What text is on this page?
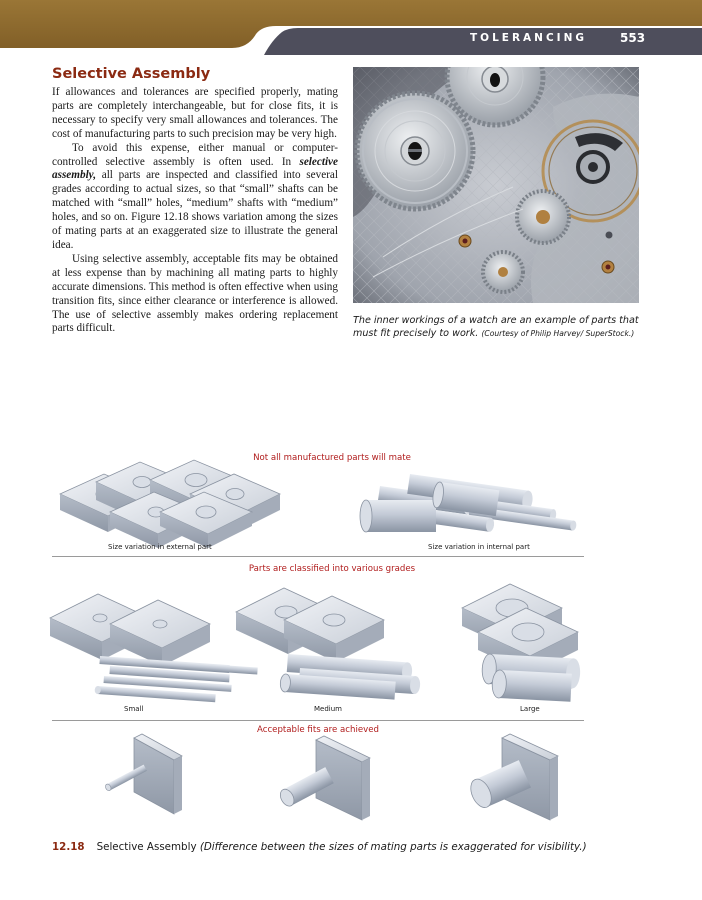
TOLERANCING	553
Selective Assembly

If allowances and tolerances are specified properly, mating parts are completely interchangeable, but for close fits, it is necessary to specify very small allowances and tolerances. The cost of manufacturing parts to such precision may be very high.

To avoid this expense, either manual or computer-controlled selective assembly is often used. In selective assembly, all parts are inspected and classified into several grades according to actual sizes, so that “small” shafts can be matched with “small” holes, “medium” shafts with “medium” holes, and so on. Figure 12.18 shows variation among the sizes of mating parts at an exaggerated size to illustrate the general idea.

Using selective assembly, acceptable fits may be obtained at less expense than by machining all mating parts to highly accurate dimensions. This method is often effective when using transition fits, since either clearance or interference is allowed. The use of selective assembly makes ordering replacement parts difficult.

The inner workings of a watch are an example of parts that must fit precisely to work. (Courtesy of Philip Harvey/ SuperStock.)
Not all manufactured parts will mate
Size variation in external part	Size variation in internal part
Parts are classified into various grades
Small	Medium	Large
Acceptable fits are achieved
12.18 Selective Assembly (Difference between the sizes of mating parts is exaggerated for visibility.)
